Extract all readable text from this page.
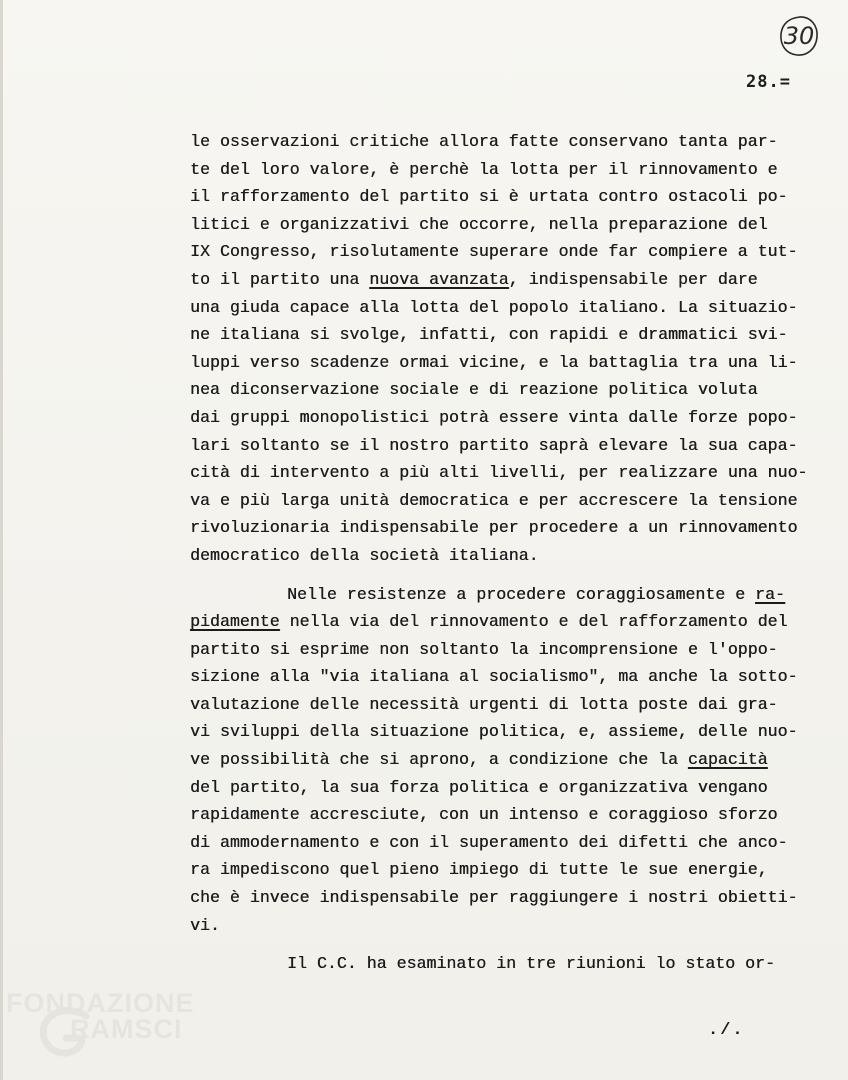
30
28.=
le osservazioni critiche allora fatte conservano tanta par-
te del loro valore, è perchè la lotta per il rinnovamento e
il rafforzamento del partito si è urtata contro ostacoli po-
litici e organizzativi che occorre, nella preparazione del
IX Congresso, risolutamente superare onde far compiere a tut-
to il partito una nuova avanzata, indispensabile per dare
una giuda capace alla lotta del popolo italiano. La situazio-
ne italiana si svolge, infatti, con rapidi e drammatici svi-
luppi verso scadenze ormai vicine, e la battaglia tra una li-
nea diconservazione sociale e di reazione politica voluta
dai gruppi monopolistici potrà essere vinta dalle forze popo-
lari soltanto se il nostro partito saprà elevare la sua capa-
cità di intervento a più alti livelli, per realizzare una nuo-
va e più larga unità democratica e per accrescere la tensione
rivoluzionaria indispensabile per procedere a un rinnovamento
democratico della società italiana.
Nelle resistenze a procedere coraggiosamente e ra-
pidamente nella via del rinnovamento e del rafforzamento del
partito si esprime non soltanto la incomprensione e l'oppo-
sizione alla "via italiana al socialismo", ma anche la sotto-
valutazione delle necessità urgenti di lotta poste dai gra-
vi sviluppi della situazione politica, e, assieme, delle nuo-
ve possibilità che si aprono, a condizione che la capacità
del partito, la sua forza politica e organizzativa vengano
rapidamente accresciute, con un intenso e coraggioso sforzo
di ammodernamento e con il superamento dei difetti che anco-
ra impediscono quel pieno impiego di tutte le sue energie,
che è invece indispensabile per raggiungere i nostri obietti-
vi.
Il C.C. ha esaminato in tre riunioni lo stato or-
./.
FONDAZIONE
RAMSCI
